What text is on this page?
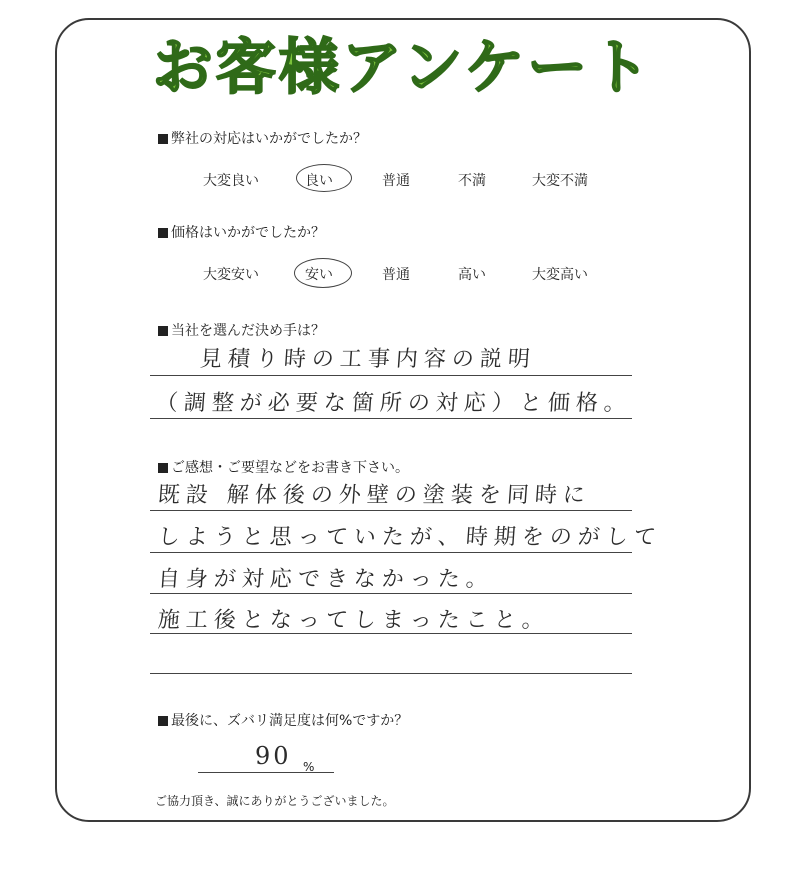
お客様アンケート
弊社の対応はいかがでしたか？
大変良い	良い	普通	不満	大変不満
価格はいかがでしたか？
大変安い	安い	普通	高い	大変高い
当社を選んだ決め手は？
見積り時の工事内容の説明
（調整が必要な箇所の対応）と価格。
ご感想・ご要望などをお書き下さい。
既設 解体後の外壁の塗装を同時に
しようと思っていたが、時期をのがして
自身が対応できなかった。
施工後となってしまったこと。
最後に、ズバリ満足度は何%ですか？
90 %
ご協力頂き、誠にありがとうございました。
